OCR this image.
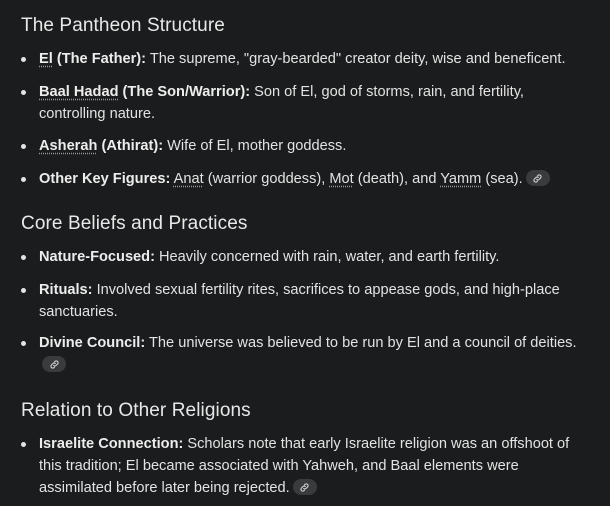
The Pantheon Structure
El (The Father): The supreme, "gray-bearded" creator deity, wise and beneficent.
Baal Hadad (The Son/Warrior): Son of El, god of storms, rain, and fertility, controlling nature.
Asherah (Athirat): Wife of El, mother goddess.
Other Key Figures: Anat (warrior goddess), Mot (death), and Yamm (sea).
Core Beliefs and Practices
Nature-Focused: Heavily concerned with rain, water, and earth fertility.
Rituals: Involved sexual fertility rites, sacrifices to appease gods, and high-place sanctuaries.
Divine Council: The universe was believed to be run by El and a council of deities.
Relation to Other Religions
Israelite Connection: Scholars note that early Israelite religion was an offshoot of this tradition; El became associated with Yahweh, and Baal elements were assimilated before later being rejected.
